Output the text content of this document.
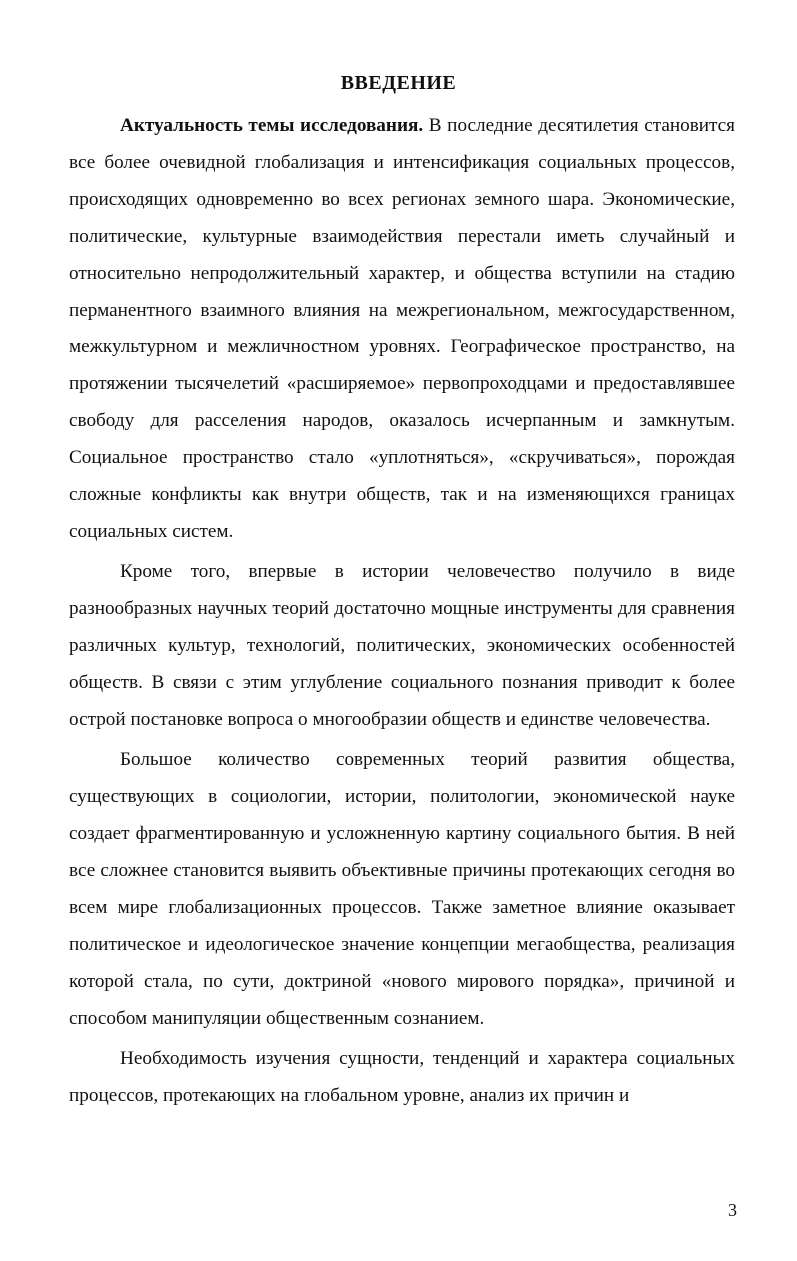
ВВЕДЕНИЕ

Актуальность темы исследования. В последние десятилетия становится все более очевидной глобализация и интенсификация социальных процессов, происходящих одновременно во всех регионах земного шара. Экономические, политические, культурные взаимодействия перестали иметь случайный и относительно непродолжительный характер, и общества вступили на стадию перманентного взаимного влияния на межрегиональном, межгосударственном, межкультурном и межличностном уровнях. Географическое пространство, на протяжении тысячелетий «расширяемое» первопроходцами и предоставлявшее свободу для расселения народов, оказалось исчерпанным и замкнутым. Социальное пространство стало «уплотняться», «скручиваться», порождая сложные конфликты как внутри обществ, так и на изменяющихся границах социальных систем.

Кроме того, впервые в истории человечество получило в виде разнообразных научных теорий достаточно мощные инструменты для сравнения различных культур, технологий, политических, экономических особенностей обществ. В связи с этим углубление социального познания приводит к более острой постановке вопроса о многообразии обществ и единстве человечества.

Большое количество современных теорий развития общества, существующих в социологии, истории, политологии, экономической науке создает фрагментированную и усложненную картину социального бытия. В ней все сложнее становится выявить объективные причины протекающих сегодня во всем мире глобализационных процессов. Также заметное влияние оказывает политическое и идеологическое значение концепции мегаобщества, реализация которой стала, по сути, доктриной «нового мирового порядка», причиной и способом манипуляции общественным сознанием.

Необходимость изучения сущности, тенденций и характера социальных процессов, протекающих на глобальном уровне, анализ их причин и

3
